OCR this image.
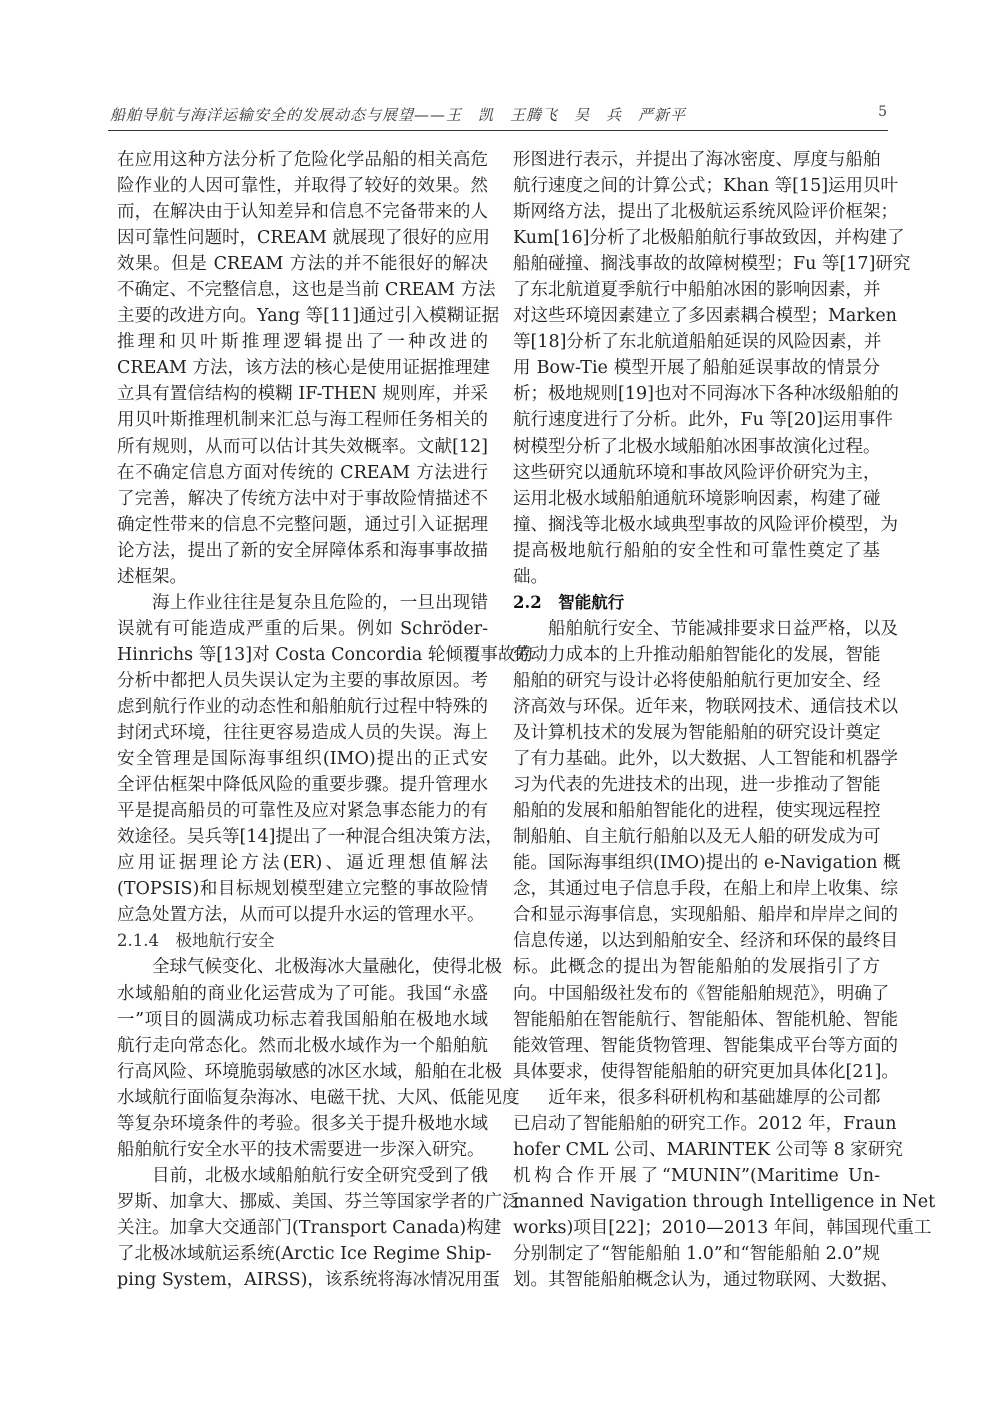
船舶导航与海洋运输安全的发展动态与展望——王　凯　王腾飞　吴　兵　严新平	5
在应用这种方法分析了危险化学品船的相关高危
险作业的人因可靠性，并取得了较好的效果。然
而，在解决由于认知差异和信息不完备带来的人
因可靠性问题时，CREAM 就展现了很好的应用
效果。但是 CREAM 方法的并不能很好的解决
不确定、不完整信息，这也是当前 CREAM 方法
主要的改进方向。Yang 等[11]通过引入模糊证据
推理和贝叶斯推理逻辑提出了一种改进的
CREAM 方法，该方法的核心是使用证据推理建
立具有置信结构的模糊 IF-THEN 规则库，并采
用贝叶斯推理机制来汇总与海工程师任务相关的
所有规则，从而可以估计其失效概率。文献[12]
在不确定信息方面对传统的 CREAM 方法进行
了完善，解决了传统方法中对于事故险情描述不
确定性带来的信息不完整问题，通过引入证据理
论方法，提出了新的安全屏障体系和海事事故描
述框架。
海上作业往往是复杂且危险的，一旦出现错
误就有可能造成严重的后果。例如 Schröder-
Hinrichs 等[13]对 Costa Concordia 轮倾覆事故的
分析中都把人员失误认定为主要的事故原因。考
虑到航行作业的动态性和船舶航行过程中特殊的
封闭式环境，往往更容易造成人员的失误。海上
安全管理是国际海事组织(IMO)提出的正式安
全评估框架中降低风险的重要步骤。提升管理水
平是提高船员的可靠性及应对紧急事态能力的有
效途径。吴兵等[14]提出了一种混合组决策方法，
应用证据理论方法(ER)、逼近理想值解法
(TOPSIS)和目标规划模型建立完整的事故险情
应急处置方法，从而可以提升水运的管理水平。
2.1.4　极地航行安全
全球气候变化、北极海冰大量融化，使得北极
水域船舶的商业化运营成为了可能。我国“永盛
一”项目的圆满成功标志着我国船舶在极地水域
航行走向常态化。然而北极水域作为一个船舶航
行高风险、环境脆弱敏感的冰区水域，船舶在北极
水域航行面临复杂海冰、电磁干扰、大风、低能见度
等复杂环境条件的考验。很多关于提升极地水域
船舶航行安全水平的技术需要进一步深入研究。
目前，北极水域船舶航行安全研究受到了俄
罗斯、加拿大、挪威、美国、芬兰等国家学者的广泛
关注。加拿大交通部门(Transport Canada)构建
了北极冰域航运系统(Arctic Ice Regime Ship-
ping System，AIRSS)，该系统将海冰情况用蛋
形图进行表示，并提出了海冰密度、厚度与船舶
航行速度之间的计算公式；Khan 等[15]运用贝叶
斯网络方法，提出了北极航运系统风险评价框架；
Kum[16]分析了北极船舶航行事故致因，并构建了
船舶碰撞、搁浅事故的故障树模型；Fu 等[17]研究
了东北航道夏季航行中船舶冰困的影响因素，并
对这些环境因素建立了多因素耦合模型；Marken
等[18]分析了东北航道船舶延误的风险因素，并
用 Bow-Tie 模型开展了船舶延误事故的情景分
析；极地规则[19]也对不同海冰下各种冰级船舶的
航行速度进行了分析。此外，Fu 等[20]运用事件
树模型分析了北极水域船舶冰困事故演化过程。
这些研究以通航环境和事故风险评价研究为主，
运用北极水域船舶通航环境影响因素，构建了碰
撞、搁浅等北极水域典型事故的风险评价模型，为
提高极地航行船舶的安全性和可靠性奠定了基
础。
2.2　智能航行
船舶航行安全、节能减排要求日益严格，以及
劳动力成本的上升推动船舶智能化的发展，智能
船舶的研究与设计必将使船舶航行更加安全、经
济高效与环保。近年来，物联网技术、通信技术以
及计算机技术的发展为智能船舶的研究设计奠定
了有力基础。此外，以大数据、人工智能和机器学
习为代表的先进技术的出现，进一步推动了智能
船舶的发展和船舶智能化的进程，使实现远程控
制船舶、自主航行船舶以及无人船的研发成为可
能。国际海事组织(IMO)提出的 e-Navigation 概
念，其通过电子信息手段，在船上和岸上收集、综
合和显示海事信息，实现船船、船岸和岸岸之间的
信息传递，以达到船舶安全、经济和环保的最终目
标。此概念的提出为智能船舶的发展指引了方
向。中国船级社发布的《智能船舶规范》，明确了
智能船舶在智能航行、智能船体、智能机舱、智能
能效管理、智能货物管理、智能集成平台等方面的
具体要求，使得智能船舶的研究更加具体化[21]。
近年来，很多科研机构和基础雄厚的公司都
已启动了智能船舶的研究工作。2012 年，Fraun
hofer CML 公司、MARINTEK 公司等 8 家研究
机构合作开展了“MUNIN”(Maritime Un-
manned Navigation through Intelligence in Net
works)项目[22]；2010—2013 年间，韩国现代重工
分别制定了“智能船舶 1.0”和“智能船舶 2.0”规
划。其智能船舶概念认为，通过物联网、大数据、
